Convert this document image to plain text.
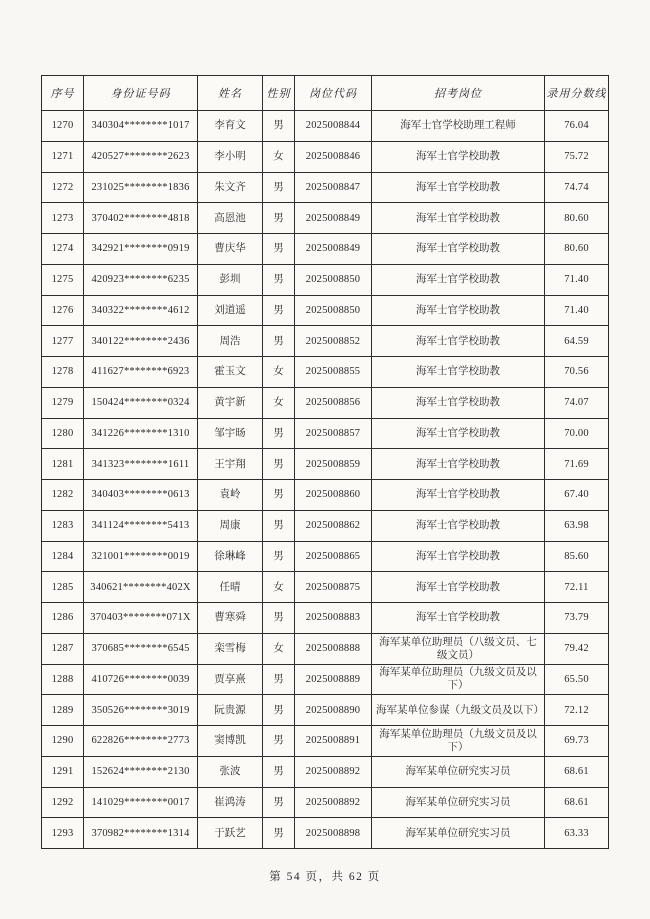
序号	身份证号码	姓名	性别	岗位代码	招考岗位	录用分数线
1270	340304********1017	李育文	男	2025008844	海军士官学校助理工程师	76.04
1271	420527********2623	李小明	女	2025008846	海军士官学校助教	75.72
1272	231025********1836	朱文齐	男	2025008847	海军士官学校助教	74.74
1273	370402********4818	高恩池	男	2025008849	海军士官学校助教	80.60
1274	342921********0919	曹庆华	男	2025008849	海军士官学校助教	80.60
1275	420923********6235	彭圳	男	2025008850	海军士官学校助教	71.40
1276	340322********4612	刘道遥	男	2025008850	海军士官学校助教	71.40
1277	340122********2436	周浩	男	2025008852	海军士官学校助教	64.59
1278	411627********6923	霍玉文	女	2025008855	海军士官学校助教	70.56
1279	150424********0324	黄宇新	女	2025008856	海军士官学校助教	74.07
1280	341226********1310	邹宇旸	男	2025008857	海军士官学校助教	70.00
1281	341323********1611	王宇翔	男	2025008859	海军士官学校助教	71.69
1282	340403********0613	袁岭	男	2025008860	海军士官学校助教	67.40
1283	341124********5413	周康	男	2025008862	海军士官学校助教	63.98
1284	321001********0019	徐琳峰	男	2025008865	海军士官学校助教	85.60
1285	340621********402X	任晴	女	2025008875	海军士官学校助教	72.11
1286	370403********071X	曹寒舜	男	2025008883	海军士官学校助教	73.79
1287	370685********6545	栾雪梅	女	2025008888	海军某单位助理员（八级文员、七级文员）	79.42
1288	410726********0039	贾享熹	男	2025008889	海军某单位助理员（九级文员及以下）	65.50
1289	350526********3019	阮贵源	男	2025008890	海军某单位参谋（九级文员及以下）	72.12
1290	622826********2773	窦博凯	男	2025008891	海军某单位助理员（九级文员及以下）	69.73
1291	152624********2130	张波	男	2025008892	海军某单位研究实习员	68.61
1292	141029********0017	崔鸿涛	男	2025008892	海军某单位研究实习员	68.61
1293	370982********1314	于跃艺	男	2025008898	海军某单位研究实习员	63.33
第 54 页，共 62 页
